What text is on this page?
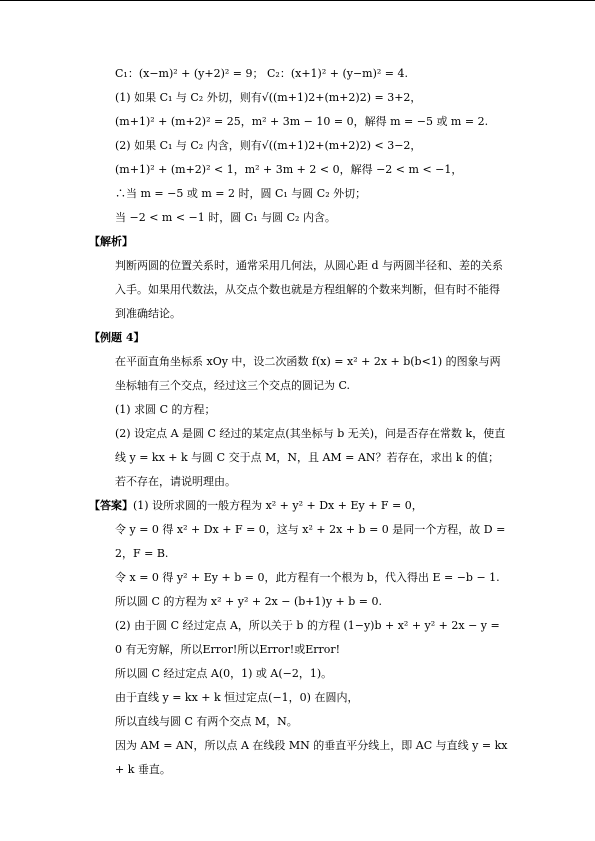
C₁：(x−m)² + (y+2)² = 9； C₂：(x+1)² + (y−m)² = 4.
(1) 如果 C₁ 与 C₂ 外切，则有√((m+1)2+(m+2)2) = 3+2，
(m+1)² + (m+2)² = 25，m² + 3m − 10 = 0，解得 m = −5 或 m = 2.
(2) 如果 C₁ 与 C₂ 内含，则有√((m+1)2+(m+2)2) < 3−2，
(m+1)² + (m+2)² < 1，m² + 3m + 2 < 0，解得 −2 < m < −1，
∴当 m = −5 或 m = 2 时，圆 C₁ 与圆 C₂ 外切；
当 −2 < m < −1 时，圆 C₁ 与圆 C₂ 内含。
【解析】
判断两圆的位置关系时，通常采用几何法，从圆心距 d 与两圆半径和、差的关系入手。如果用代数法，从交点个数也就是方程组解的个数来判断，但有时不能得到准确结论。
【例题 4】
在平面直角坐标系 xOy 中，设二次函数 f(x) = x² + 2x + b(b<1) 的图象与两坐标轴有三个交点，经过这三个交点的圆记为 C.
(1) 求圆 C 的方程；
(2) 设定点 A 是圆 C 经过的某定点(其坐标与 b 无关)，问是否存在常数 k，使直线 y = kx + k 与圆 C 交于点 M，N，且 AM = AN？若存在，求出 k 的值；若不存在，请说明理由。
【答案】(1) 设所求圆的一般方程为 x² + y² + Dx + Ey + F = 0，
令 y = 0 得 x² + Dx + F = 0，这与 x² + 2x + b = 0 是同一个方程，故 D = 2，F = B.
令 x = 0 得 y² + Ey + b = 0，此方程有一个根为 b，代入得出 E = −b − 1.
所以圆 C 的方程为 x² + y² + 2x − (b+1)y + b = 0.
(2) 由于圆 C 经过定点 A，所以关于 b 的方程 (1−y)b + x² + y² + 2x − y = 0 有无穷解，所以Error!所以Error!或Error!
所以圆 C 经过定点 A(0，1) 或 A(−2，1)。
由于直线 y = kx + k 恒过定点(−1，0) 在圆内，
所以直线与圆 C 有两个交点 M，N。
因为 AM = AN，所以点 A 在线段 MN 的垂直平分线上，即 AC 与直线 y = kx + k 垂直。
